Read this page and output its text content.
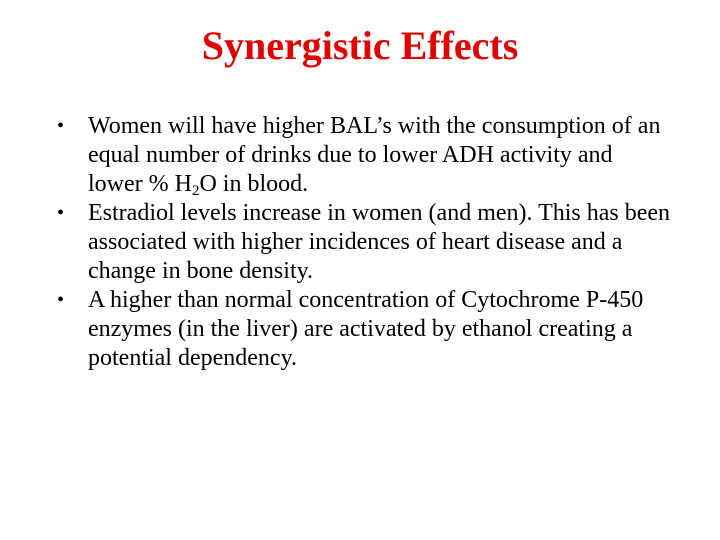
Synergistic Effects
• Women will have higher BAL’s with the consumption of an equal number of drinks due to lower ADH activity and lower % $H_2O$ in blood.
• Estradiol levels increase in women (and men). This has been associated with higher incidences of heart disease and a change in bone density.
• A higher than normal concentration of Cytochrome P-450 enzymes (in the liver) are activated by ethanol creating a potential dependency.
